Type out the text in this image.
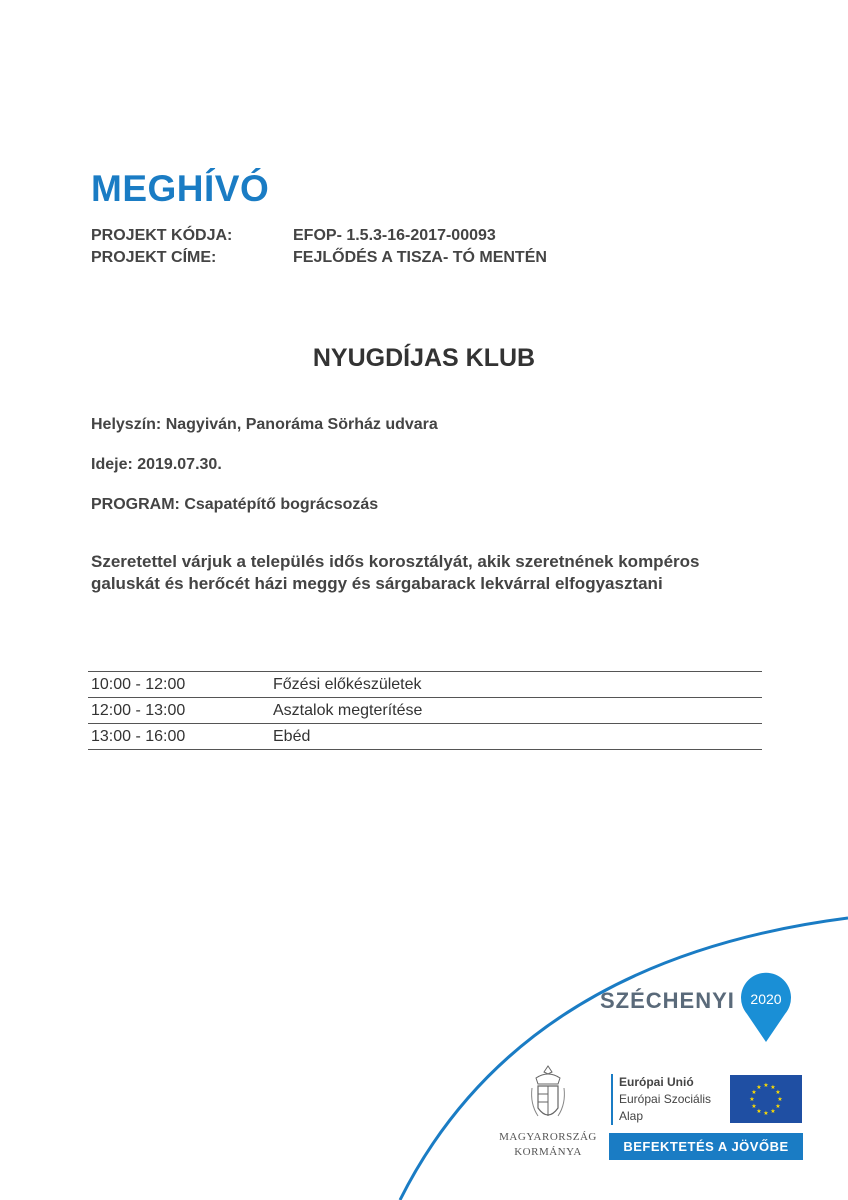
MEGHÍVÓ
PROJEKT KÓDJA:	EFOP- 1.5.3-16-2017-00093
PROJEKT CÍME:	FEJLŐDÉS A TISZA- TÓ MENTÉN
NYUGDÍJAS KLUB
Helyszín: Nagyiván, Panoráma Sörház udvara
Ideje: 2019.07.30.
PROGRAM: Csapatépítő bográcsozás
Szeretettel várjuk a település idős korosztályát, akik szeretnének kompéros
galuskát és herőcét házi meggy és sárgabarack lekvárral elfogyasztani
10:00 - 12:00	Főzési előkészületek
12:00 - 13:00	Asztalok megterítése
13:00 - 16:00	Ebéd
SZÉCHENYI 2020
MAGYARORSZÁG
KORMÁNYA
Európai Unió
Európai Szociális
Alap
★ ★
★
★
★
★
★
★
★
★
★
★
BEFEKTETÉS A JÖVŐBE
